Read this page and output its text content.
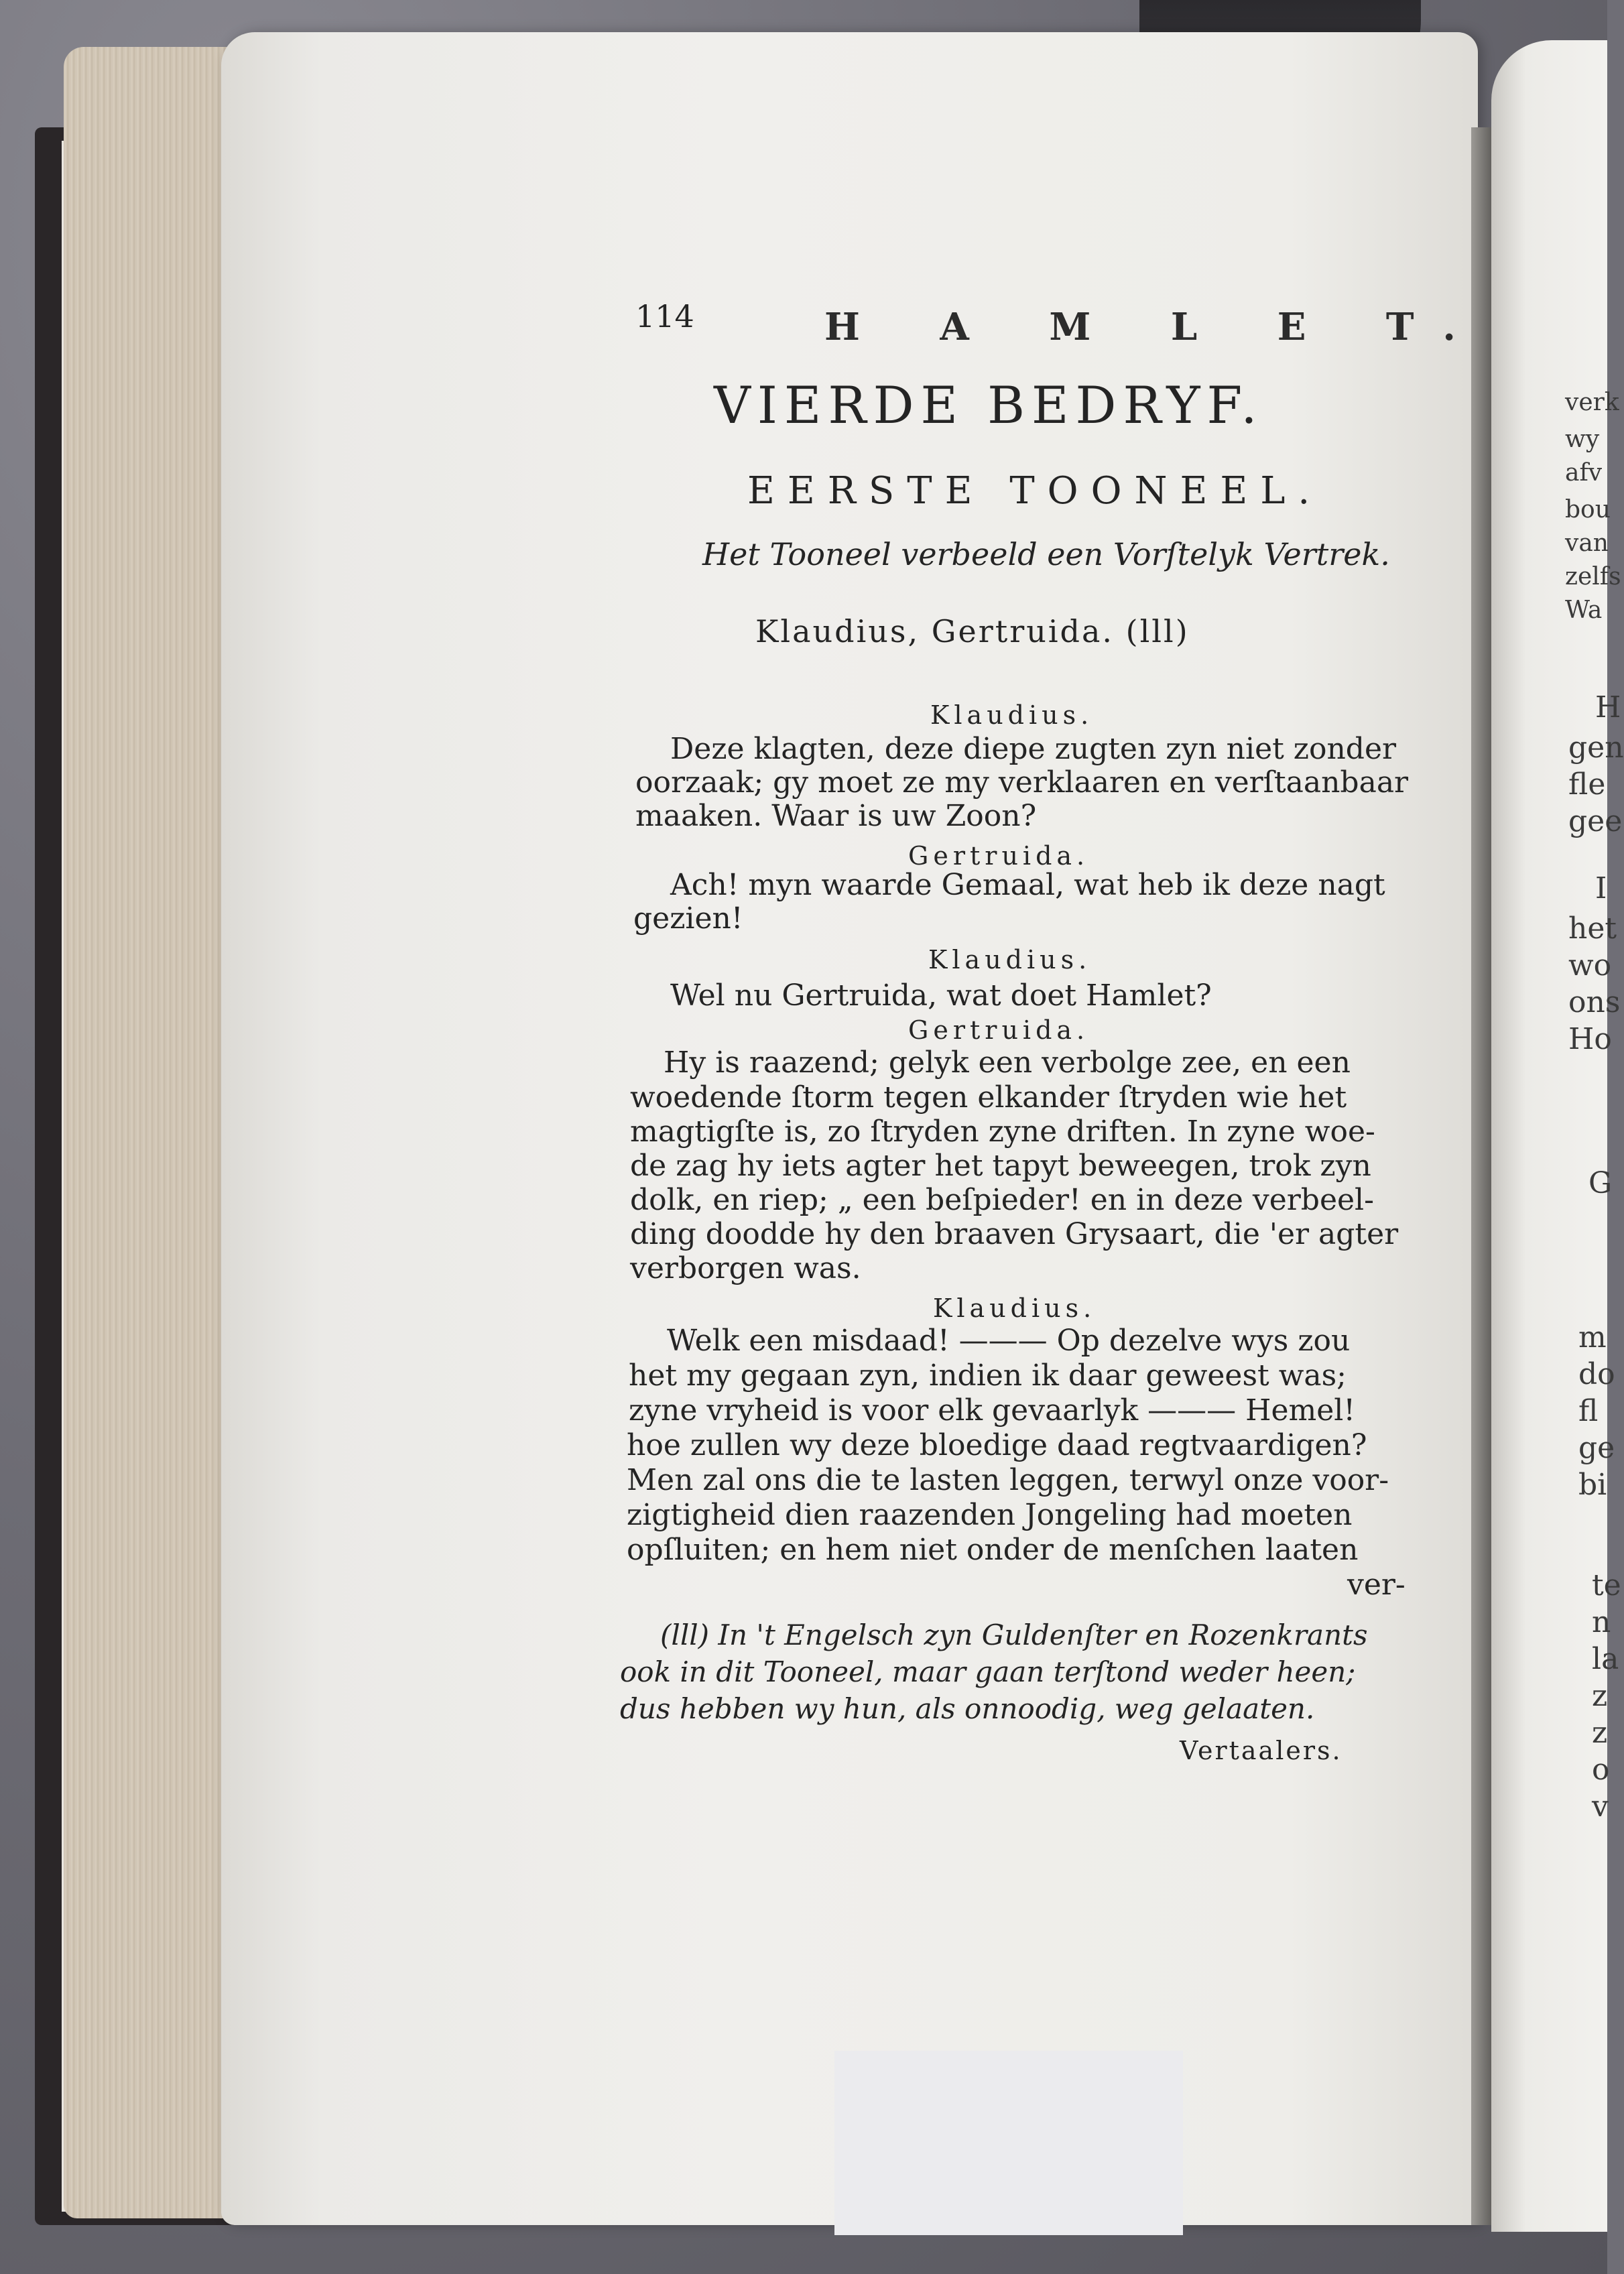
verk
wy
afv
bou
van
zelfs
Wa
H
gen
fle
gee
I
het
wo
ons
Ho
G
m
do
fl
ge
bi
te
n
la
z
z
o
v
114	H A M L E T.
VIERDE BEDRYF.
EERSTE TOONEEL.
Het Tooneel verbeeld een Vorſtelyk Vertrek.
Klaudius, Gertruida. (lll)
Klaudius.
Deze klagten, deze diepe zugten zyn niet zonder
oorzaak; gy moet ze my verklaaren en verſtaanbaar
maaken. Waar is uw Zoon?
Gertruida.
Ach! myn waarde Gemaal, wat heb ik deze nagt
gezien!
Klaudius.
Wel nu Gertruida, wat doet Hamlet?
Gertruida.
Hy is raazend; gelyk een verbolge zee, en een
woedende ſtorm tegen elkander ſtryden wie het
magtigſte is, zo ſtryden zyne driften. In zyne woe-
de zag hy iets agter het tapyt beweegen, trok zyn
dolk, en riep; „ een beſpieder! en in deze verbeel-
ding doodde hy den braaven Grysaart, die 'er agter
verborgen was.
Klaudius.
Welk een misdaad! ——— Op dezelve wys zou
het my gegaan zyn, indien ik daar geweest was;
zyne vryheid is voor elk gevaarlyk ——— Hemel!
hoe zullen wy deze bloedige daad regtvaardigen?
Men zal ons die te lasten leggen, terwyl onze voor-
zigtigheid dien raazenden Jongeling had moeten
opſluiten; en hem niet onder de menſchen laaten
ver-
(lll) In 't Engelsch zyn Guldenſter en Rozenkrants
ook in dit Tooneel, maar gaan terſtond weder heen;
dus hebben wy hun, als onnoodig, weg gelaaten.
Vertaalers.
